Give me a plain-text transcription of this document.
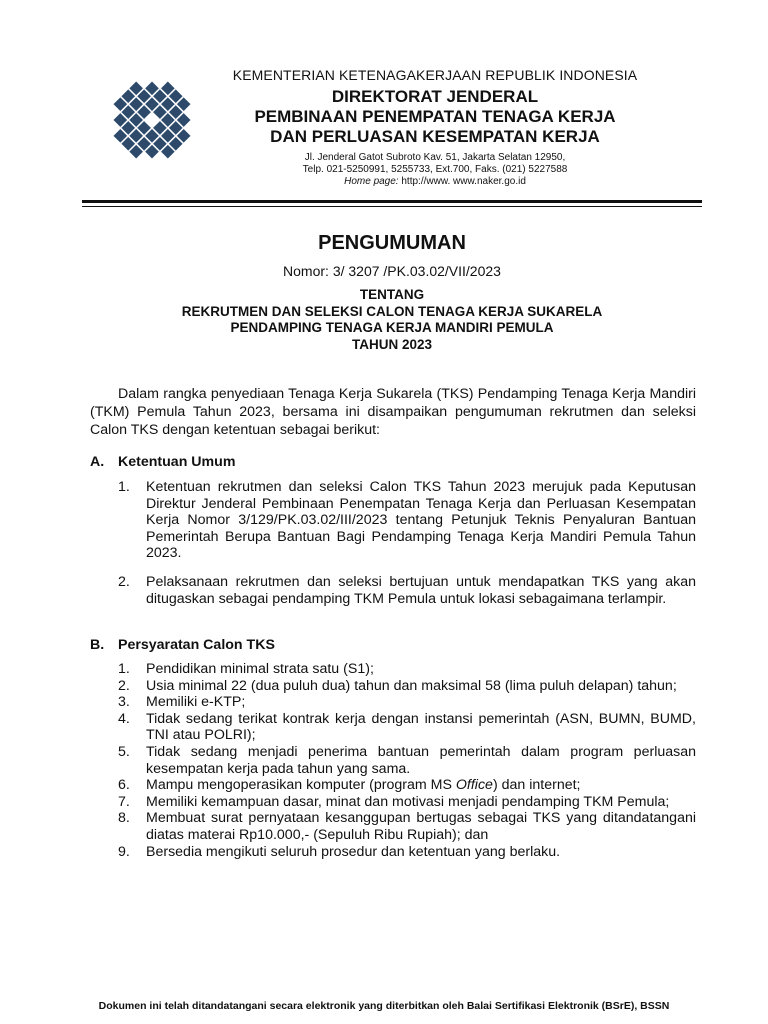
KEMENTERIAN KETENAGAKERJAAN REPUBLIK INDONESIA
DIREKTORAT JENDERAL
PEMBINAAN PENEMPATAN TENAGA KERJA
DAN PERLUASAN KESEMPATAN KERJA
Jl. Jenderal Gatot Subroto Kav. 51, Jakarta Selatan 12950,
Telp. 021-5250991, 5255733, Ext.700, Faks. (021) 5227588
Home page: http://www. www.naker.go.id
PENGUMUMAN
Nomor: 3/ 3207 /PK.03.02/VII/2023
TENTANG
REKRUTMEN DAN SELEKSI CALON TENAGA KERJA SUKARELA
PENDAMPING TENAGA KERJA MANDIRI PEMULA
TAHUN 2023

Dalam rangka penyediaan Tenaga Kerja Sukarela (TKS) Pendamping Tenaga Kerja Mandiri (TKM) Pemula Tahun 2023, bersama ini disampaikan pengumuman rekrutmen dan seleksi Calon TKS dengan ketentuan sebagai berikut:

A. Ketentuan Umum
1. Ketentuan rekrutmen dan seleksi Calon TKS Tahun 2023 merujuk pada Keputusan Direktur Jenderal Pembinaan Penempatan Tenaga Kerja dan Perluasan Kesempatan Kerja Nomor 3/129/PK.03.02/III/2023 tentang Petunjuk Teknis Penyaluran Bantuan Pemerintah Berupa Bantuan Bagi Pendamping Tenaga Kerja Mandiri Pemula Tahun 2023.
2. Pelaksanaan rekrutmen dan seleksi bertujuan untuk mendapatkan TKS yang akan ditugaskan sebagai pendamping TKM Pemula untuk lokasi sebagaimana terlampir.
B. Persyaratan Calon TKS
1. Pendidikan minimal strata satu (S1);
2. Usia minimal 22 (dua puluh dua) tahun dan maksimal 58 (lima puluh delapan) tahun;
3. Memiliki e-KTP;
4. Tidak sedang terikat kontrak kerja dengan instansi pemerintah (ASN, BUMN, BUMD, TNI atau POLRI);
5. Tidak sedang menjadi penerima bantuan pemerintah dalam program perluasan kesempatan kerja pada tahun yang sama.
6. Mampu mengoperasikan komputer (program MS Office) dan internet;
7. Memiliki kemampuan dasar, minat dan motivasi menjadi pendamping TKM Pemula;
8. Membuat surat pernyataan kesanggupan bertugas sebagai TKS yang ditandatangani diatas materai Rp10.000,- (Sepuluh Ribu Rupiah); dan
9. Bersedia mengikuti seluruh prosedur dan ketentuan yang berlaku.
Dokumen ini telah ditandatangani secara elektronik yang diterbitkan oleh Balai Sertifikasi Elektronik (BSrE), BSSN
